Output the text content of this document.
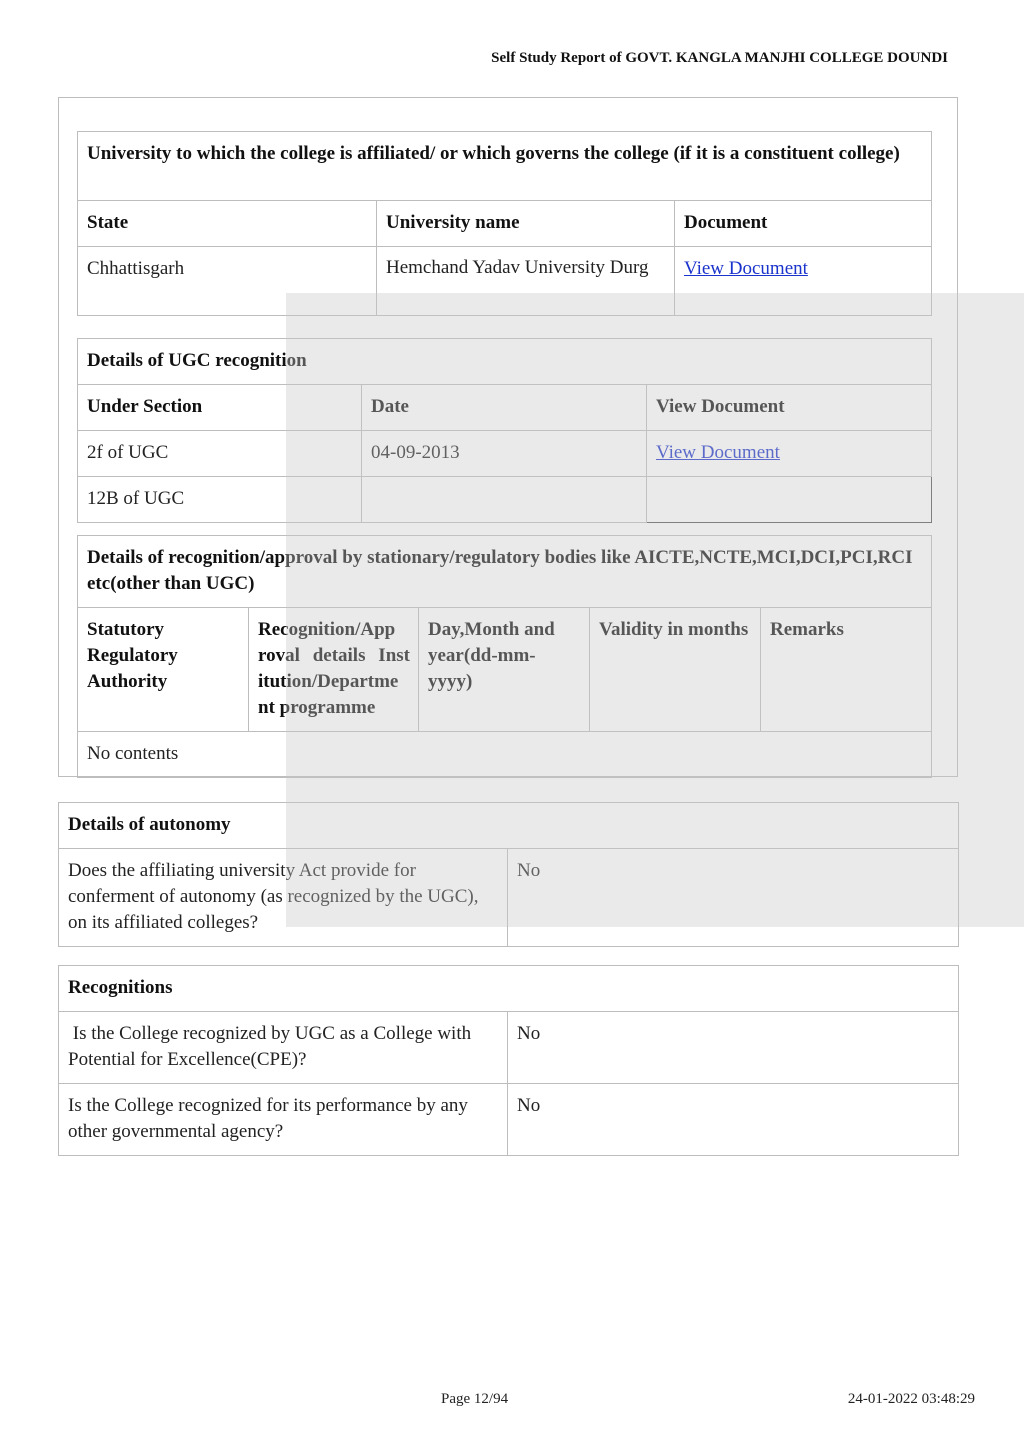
Self Study Report of GOVT. KANGLA MANJHI COLLEGE DOUNDI
University to which the college is affiliated/ or which governs the college (if it is a constituent college)		
State	University name	Document
Chhattisgarh	Hemchand Yadav University Durg	View Document
Details of UGC recognition		
Under Section	Date	View Document
2f of UGC	04-09-2013	View Document
12B of UGC		
Details of recognition/approval by stationary/regulatory bodies like AICTE,NCTE,MCI,DCI,PCI,RCI etc(other than UGC)
Statutory Regulatory Authority	Recognition/App roval details Inst itution/Departme nt programme	Day,Month and year(dd-mm- yyyy)	Validity in months	Remarks
No contents
Details of autonomy
Does the affiliating university Act provide for conferment of autonomy (as recognized by the UGC), on its affiliated colleges?	No
Recognitions	
Is the College recognized by UGC as a College with Potential for Excellence(CPE)?	No
Is the College recognized for its performance by any other governmental agency?	No
Page 12/94	24-01-2022 03:48:29
